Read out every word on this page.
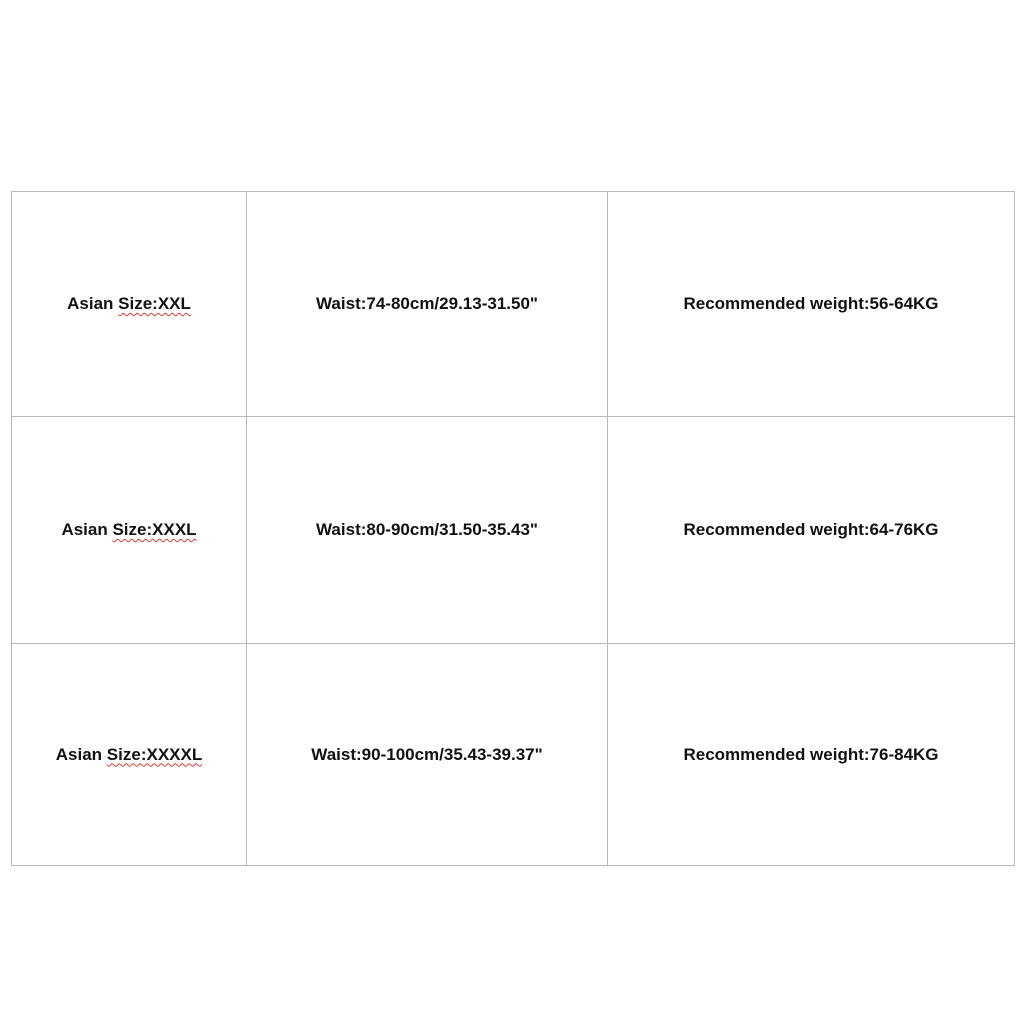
Asian Size:XXL	Waist:74-80cm/29.13-31.50"	Recommended weight:56-64KG
Asian Size:XXXL	Waist:80-90cm/31.50-35.43"	Recommended weight:64-76KG
Asian Size:XXXXL	Waist:90-100cm/35.43-39.37"	Recommended weight:76-84KG
